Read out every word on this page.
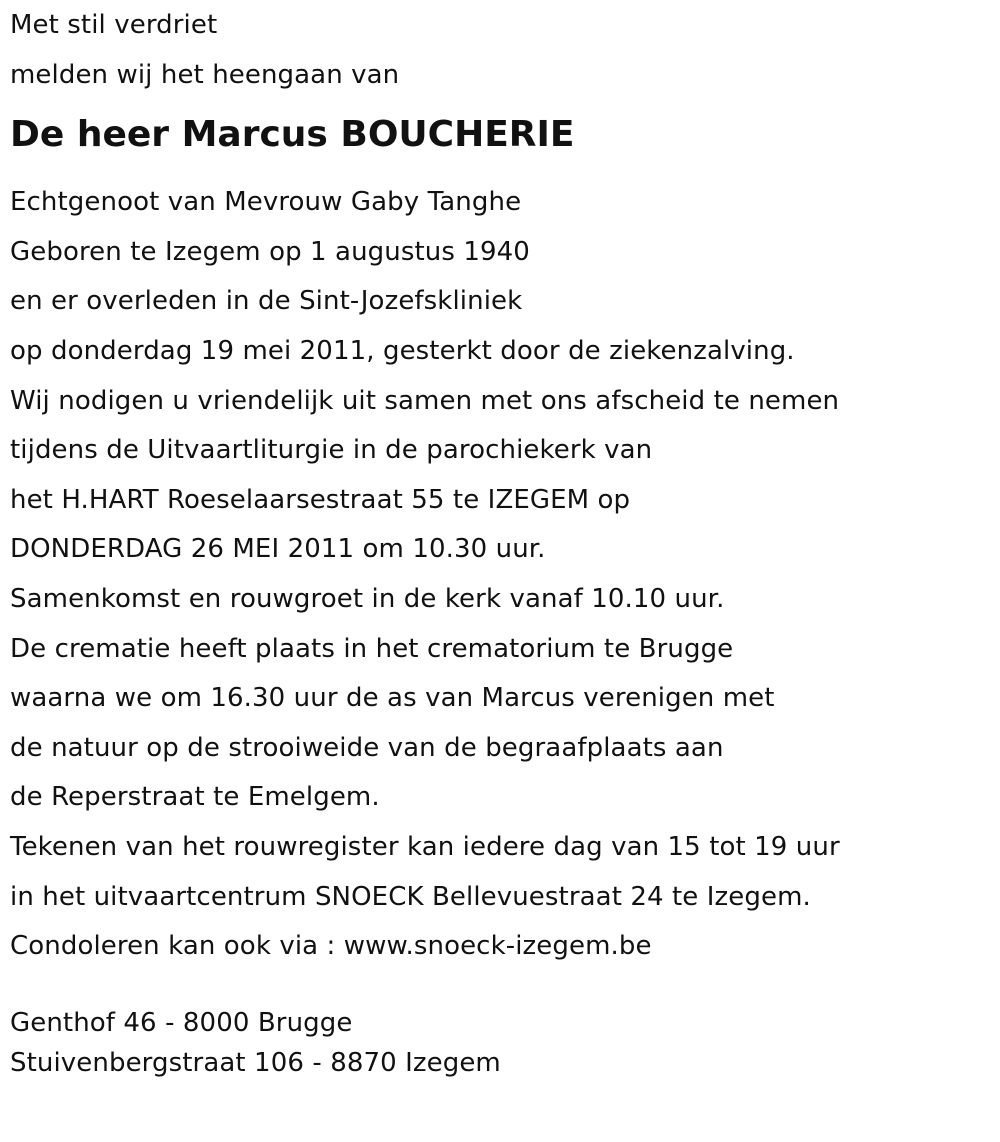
Met stil verdriet
melden wij het heengaan van
De heer Marcus BOUCHERIE
Echtgenoot van Mevrouw Gaby Tanghe
Geboren te Izegem op 1 augustus 1940
en er overleden in de Sint-Jozefskliniek
op donderdag 19 mei 2011, gesterkt door de ziekenzalving.
Wij nodigen u vriendelijk uit samen met ons afscheid te nemen
tijdens de Uitvaartliturgie in de parochiekerk van
het H.HART Roeselaarsestraat 55 te IZEGEM op
DONDERDAG 26 MEI 2011 om 10.30 uur.
Samenkomst en rouwgroet in de kerk vanaf 10.10 uur.
De crematie heeft plaats in het crematorium te Brugge
waarna we om 16.30 uur de as van Marcus verenigen met
de natuur op de strooiweide van de begraafplaats aan
de Reperstraat te Emelgem.
Tekenen van het rouwregister kan iedere dag van 15 tot 19 uur
in het uitvaartcentrum SNOECK Bellevuestraat 24 te Izegem.
Condoleren kan ook via : www.snoeck-izegem.be
Genthof 46 - 8000 Brugge
Stuivenbergstraat 106 - 8870 Izegem
